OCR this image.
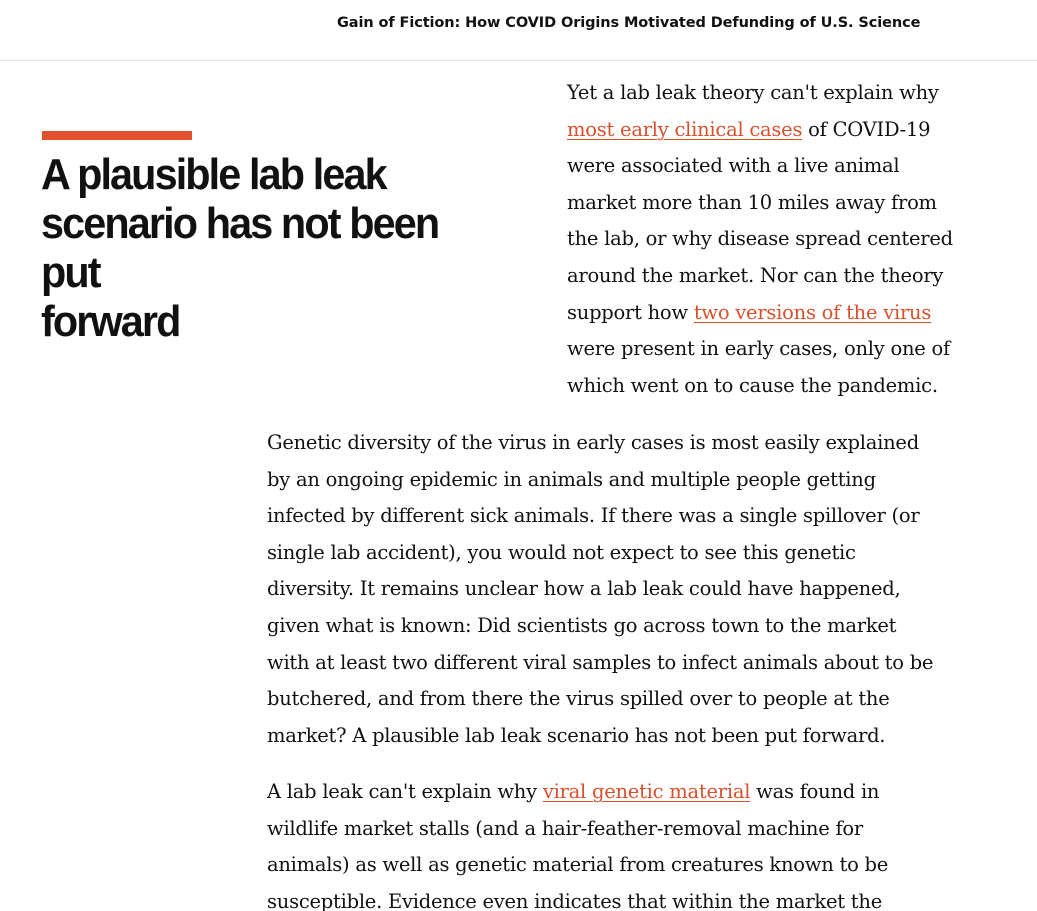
Gain of Fiction: How COVID Origins Motivated Defunding of U.S. Science
A plausible lab leak
scenario has not been put
forward

Yet a lab leak theory can't explain why
most early clinical cases of COVID-19
were associated with a live animal
market more than 10 miles away from
the lab, or why disease spread centered
around the market. Nor can the theory
support how two versions of the virus
were present in early cases, only one of
which went on to cause the pandemic.

Genetic diversity of the virus in early cases is most easily explained
by an ongoing epidemic in animals and multiple people getting
infected by different sick animals. If there was a single spillover (or
single lab accident), you would not expect to see this genetic
diversity. It remains unclear how a lab leak could have happened,
given what is known: Did scientists go across town to the market
with at least two different viral samples to infect animals about to be
butchered, and from there the virus spilled over to people at the
market? A plausible lab leak scenario has not been put forward.

A lab leak can't explain why viral genetic material was found in
wildlife market stalls (and a hair-feather-removal machine for
animals) as well as genetic material from creatures known to be
susceptible. Evidence even indicates that within the market the
